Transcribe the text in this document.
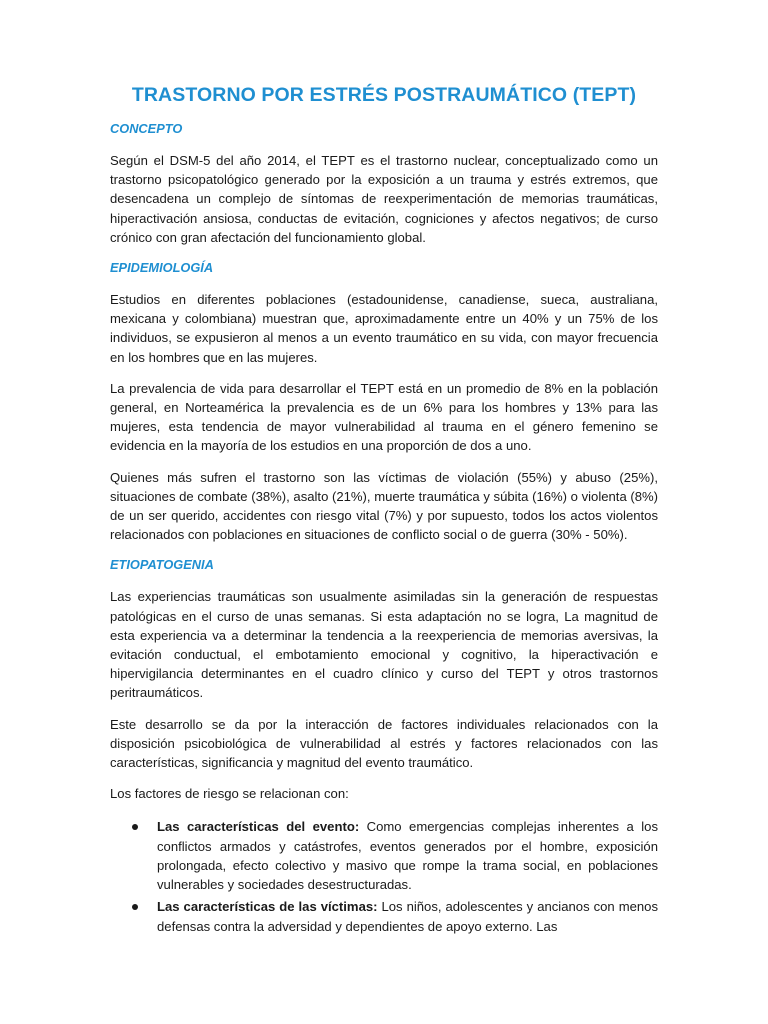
TRASTORNO POR ESTRÉS POSTRAUMÁTICO (TEPT)
CONCEPTO

Según el DSM-5 del año 2014, el TEPT es el trastorno nuclear, conceptualizado como un trastorno psicopatológico generado por la exposición a un trauma y estrés extremos, que desencadena un complejo de síntomas de reexperimentación de memorias traumáticas, hiperactivación ansiosa, conductas de evitación, cogniciones y afectos negativos; de curso crónico con gran afectación del funcionamiento global.

EPIDEMIOLOGÍA

Estudios en diferentes poblaciones (estadounidense, canadiense, sueca, australiana, mexicana y colombiana) muestran que, aproximadamente entre un 40% y un 75% de los individuos, se expusieron al menos a un evento traumático en su vida, con mayor frecuencia en los hombres que en las mujeres.

La prevalencia de vida para desarrollar el TEPT está en un promedio de 8% en la población general, en Norteamérica la prevalencia es de un 6% para los hombres y 13% para las mujeres, esta tendencia de mayor vulnerabilidad al trauma en el género femenino se evidencia en la mayoría de los estudios en una proporción de dos a uno.

Quienes más sufren el trastorno son las víctimas de violación (55%) y abuso (25%), situaciones de combate (38%), asalto (21%), muerte traumática y súbita (16%) o violenta (8%) de un ser querido, accidentes con riesgo vital (7%) y por supuesto, todos los actos violentos relacionados con poblaciones en situaciones de conflicto social o de guerra (30% - 50%).

ETIOPATOGENIA

Las experiencias traumáticas son usualmente asimiladas sin la generación de respuestas patológicas en el curso de unas semanas. Si esta adaptación no se logra, La magnitud de esta experiencia va a determinar la tendencia a la reexperiencia de memorias aversivas, la evitación conductual, el embotamiento emocional y cognitivo, la hiperactivación e hipervigilancia determinantes en el cuadro clínico y curso del TEPT y otros trastornos peritraumáticos.

Este desarrollo se da por la interacción de factores individuales relacionados con la disposición psicobiológica de vulnerabilidad al estrés y factores relacionados con las características, significancia y magnitud del evento traumático.

Los factores de riesgo se relacionan con:

Las características del evento: Como emergencias complejas inherentes a los conflictos armados y catástrofes, eventos generados por el hombre, exposición prolongada, efecto colectivo y masivo que rompe la trama social, en poblaciones vulnerables y sociedades desestructuradas.
Las características de las víctimas: Los niños, adolescentes y ancianos con menos defensas contra la adversidad y dependientes de apoyo externo. Las
